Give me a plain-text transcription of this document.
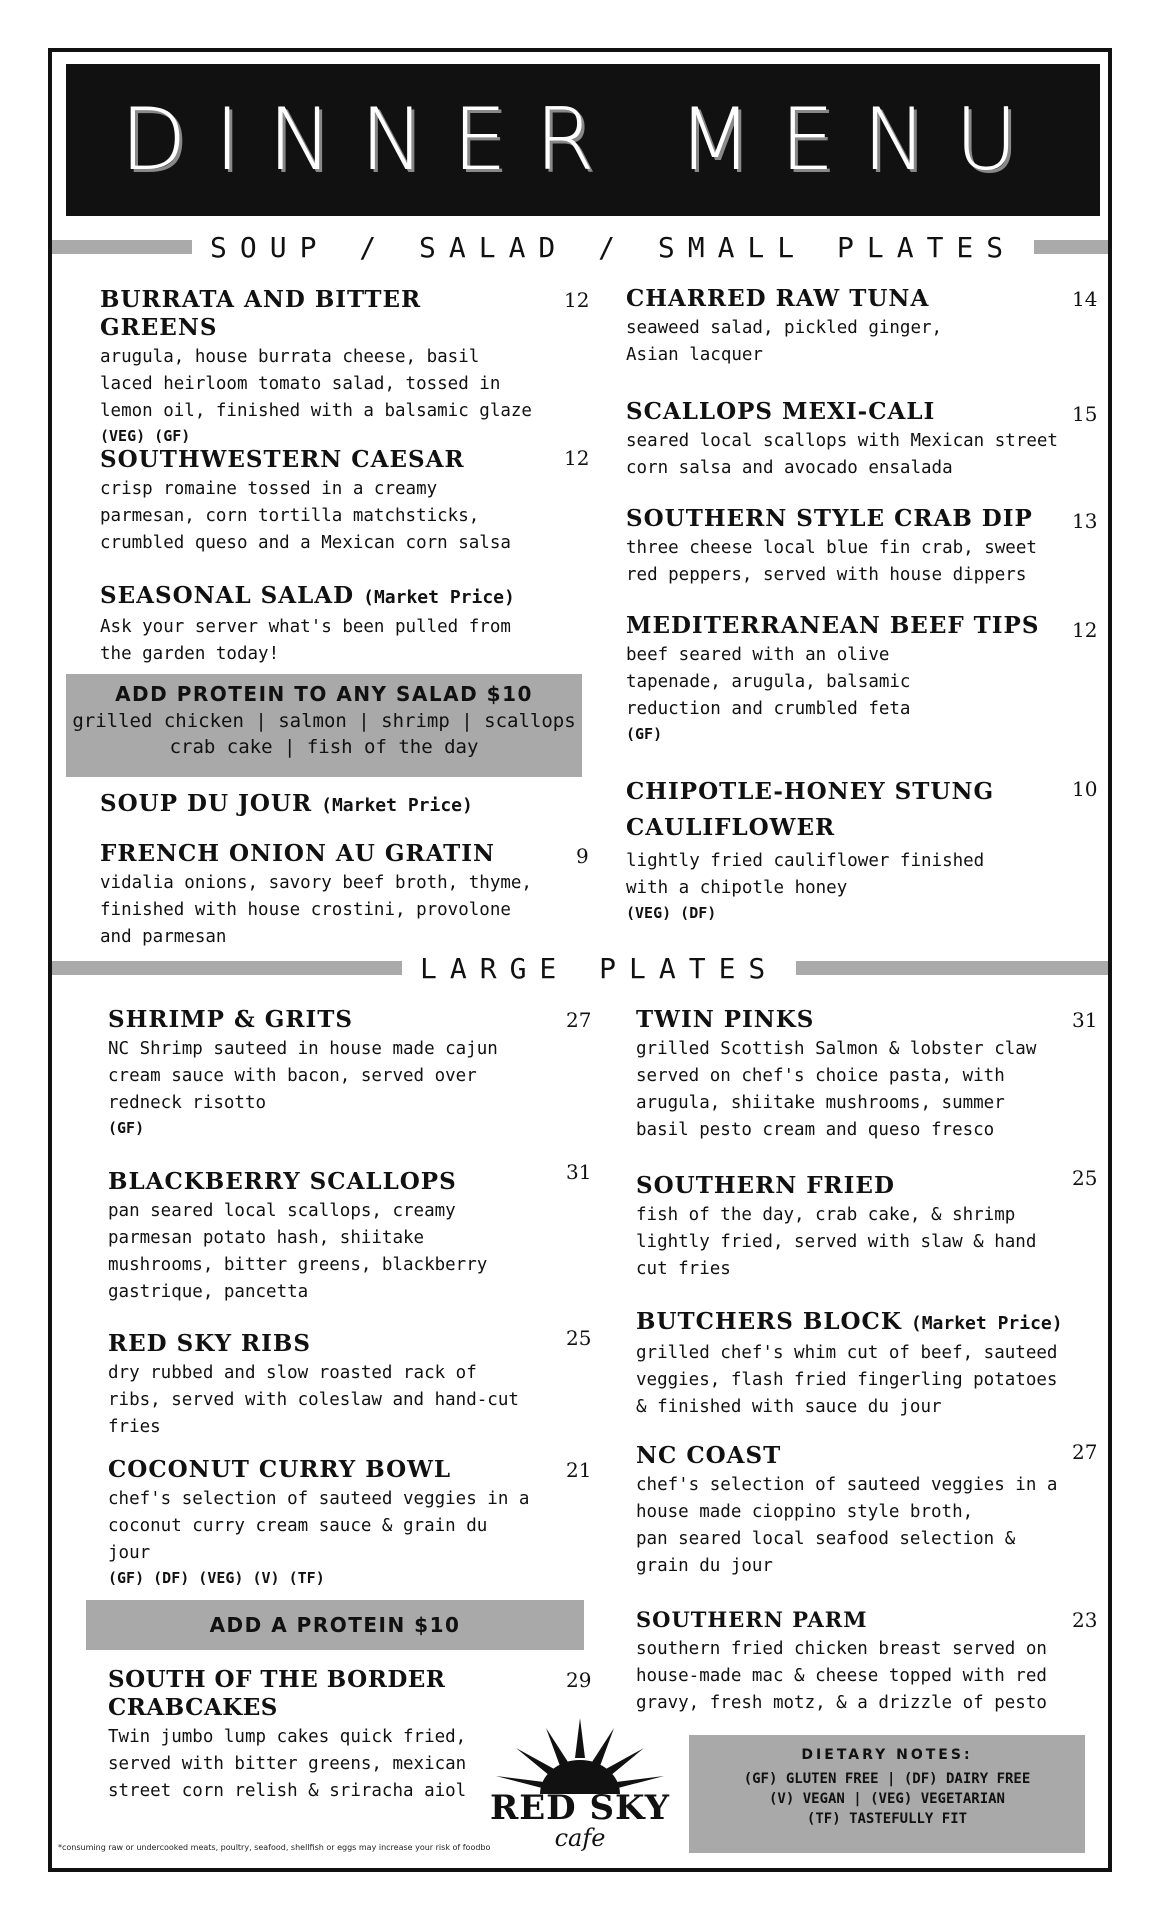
DINNER MENU
SOUP / SALAD / SMALL PLATES
BURRATA AND BITTER GREENS
arugula, house burrata cheese, basil
laced heirloom tomato salad, tossed in
lemon oil, finished with a balsamic glaze
(VEG) (GF)
12
SOUTHWESTERN CAESAR
crisp romaine tossed in a creamy
parmesan, corn tortilla matchsticks,
crumbled queso and a Mexican corn salsa
12
SEASONAL SALAD (Market Price)
Ask your server what's been pulled from
the garden today!
ADD PROTEIN TO ANY SALAD $10
grilled chicken | salmon | shrimp | scallops
crab cake | fish of the day
SOUP DU JOUR (Market Price)
FRENCH ONION AU GRATIN
vidalia onions, savory beef broth, thyme,
finished with house crostini, provolone
and parmesan
9
CHARRED RAW TUNA
seaweed salad, pickled ginger,
Asian lacquer
14
SCALLOPS MEXI-CALI
seared local scallops with Mexican street
corn salsa and avocado ensalada
15
SOUTHERN STYLE CRAB DIP
three cheese local blue fin crab, sweet
red peppers, served with house dippers
13
MEDITERRANEAN BEEF TIPS
beef seared with an olive
tapenade, arugula, balsamic
reduction and crumbled feta
(GF)
12
CHIPOTLE-HONEY STUNG CAULIFLOWER
lightly fried cauliflower finished
with a chipotle honey
(VEG) (DF)
10
LARGE PLATES
SHRIMP & GRITS
NC Shrimp sauteed in house made cajun
cream sauce with bacon, served over
redneck risotto
(GF)
27
BLACKBERRY SCALLOPS
pan seared local scallops, creamy
parmesan potato hash, shiitake
mushrooms, bitter greens, blackberry
gastrique, pancetta
31
RED SKY RIBS
dry rubbed and slow roasted rack of
ribs, served with coleslaw and hand-cut
fries
25
COCONUT CURRY BOWL
chef's selection of sauteed veggies in a
coconut curry cream sauce & grain du
jour
(GF) (DF) (VEG) (V) (TF)
21
ADD A PROTEIN $10
SOUTH OF THE BORDER CRABCAKES
Twin jumbo lump cakes quick fried,
served with bitter greens, mexican
street corn relish & sriracha aiol
29
TWIN PINKS
grilled Scottish Salmon & lobster claw
served on chef's choice pasta, with
arugula, shiitake mushrooms, summer
basil pesto cream and queso fresco
31
SOUTHERN FRIED
fish of the day, crab cake, & shrimp
lightly fried, served with slaw & hand
cut fries
25
BUTCHERS BLOCK (Market Price)
grilled chef's whim cut of beef, sauteed
veggies, flash fried fingerling potatoes
& finished with sauce du jour
NC COAST
chef's selection of sauteed veggies in a
house made cioppino style broth,
pan seared local seafood selection &
grain du jour
27
SOUTHERN PARM
southern fried chicken breast served on
house-made mac & cheese topped with red
gravy, fresh motz, & a drizzle of pesto
23
RED SKY
cafe
DIETARY NOTES:
(GF) GLUTEN FREE | (DF) DAIRY FREE
(V) VEGAN | (VEG) VEGETARIAN
(TF) TASTEFULLY FIT
*consuming raw or undercooked meats, poultry, seafood, shellfish or eggs may increase your risk of foodbo
